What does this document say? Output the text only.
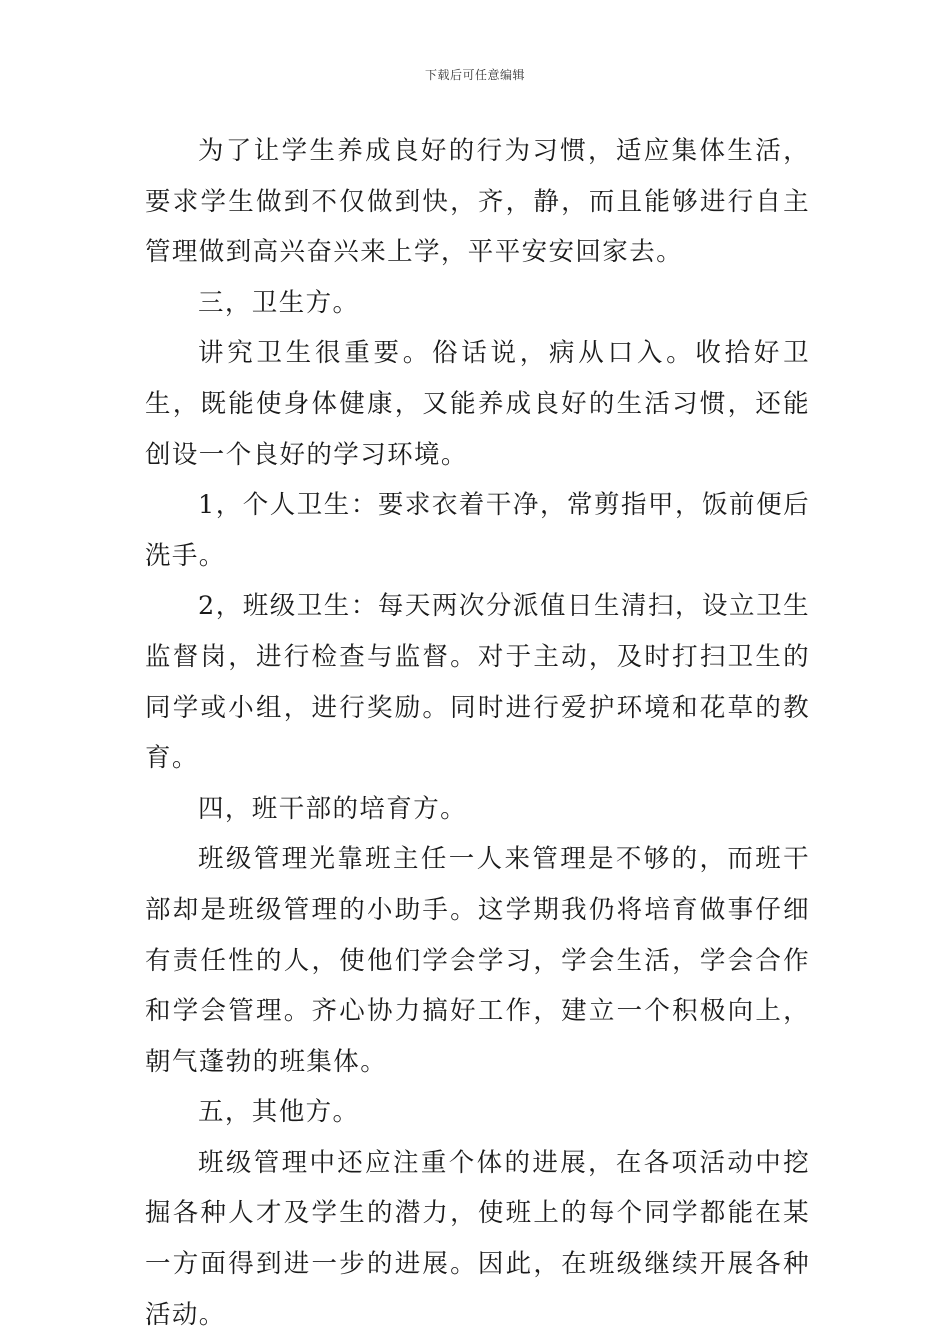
下载后可任意编辑

为了让学生养成良好的行为习惯，适应集体生活，要求学生做到不仅做到快，齐，静，而且能够进行自主管理做到高兴奋兴来上学，平平安安回家去。

三，卫生方。

讲究卫生很重要。俗话说，病从口入。收拾好卫生，既能使身体健康，又能养成良好的生活习惯，还能创设一个良好的学习环境。

1，个人卫生：要求衣着干净，常剪指甲，饭前便后洗手。

2，班级卫生：每天两次分派值日生清扫，设立卫生监督岗，进行检查与监督。对于主动，及时打扫卫生的同学或小组，进行奖励。同时进行爱护环境和花草的教育。

四，班干部的培育方。

班级管理光靠班主任一人来管理是不够的，而班干部却是班级管理的小助手。这学期我仍将培育做事仔细有责任性的人，使他们学会学习，学会生活，学会合作和学会管理。齐心协力搞好工作，建立一个积极向上，朝气蓬勃的班集体。

五，其他方。

班级管理中还应注重个体的进展，在各项活动中挖掘各种人才及学生的潜力，使班上的每个同学都能在某一方面得到进一步的进展。因此，在班级继续开展各种活动。
